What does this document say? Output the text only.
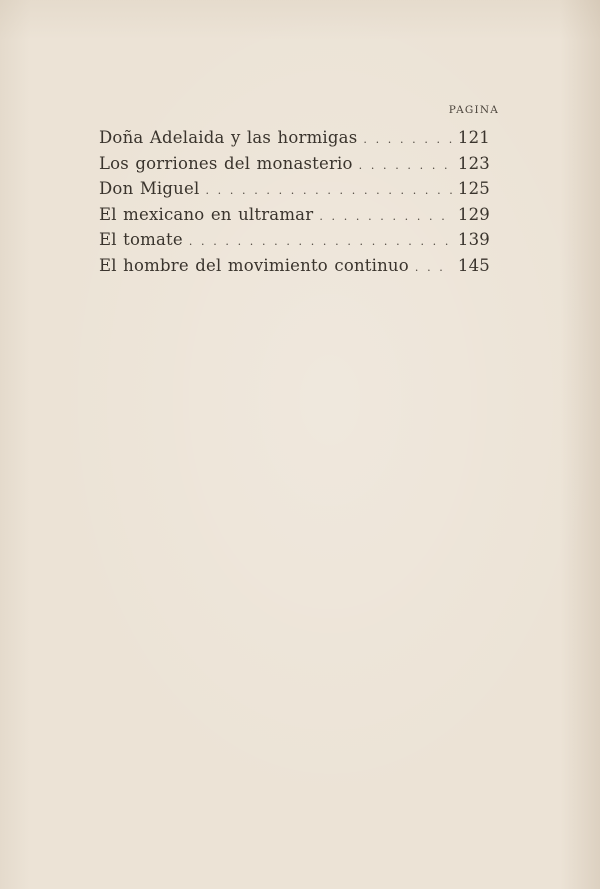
PAGINA
Doña Adelaida y las hormigas . . .	121
Los gorriones del monasterio . . .	123
Don Miguel . . .	125
El mexicano en ultramar . . .	129
El tomate . . .	139
El hombre del movimiento continuo . . .	145
